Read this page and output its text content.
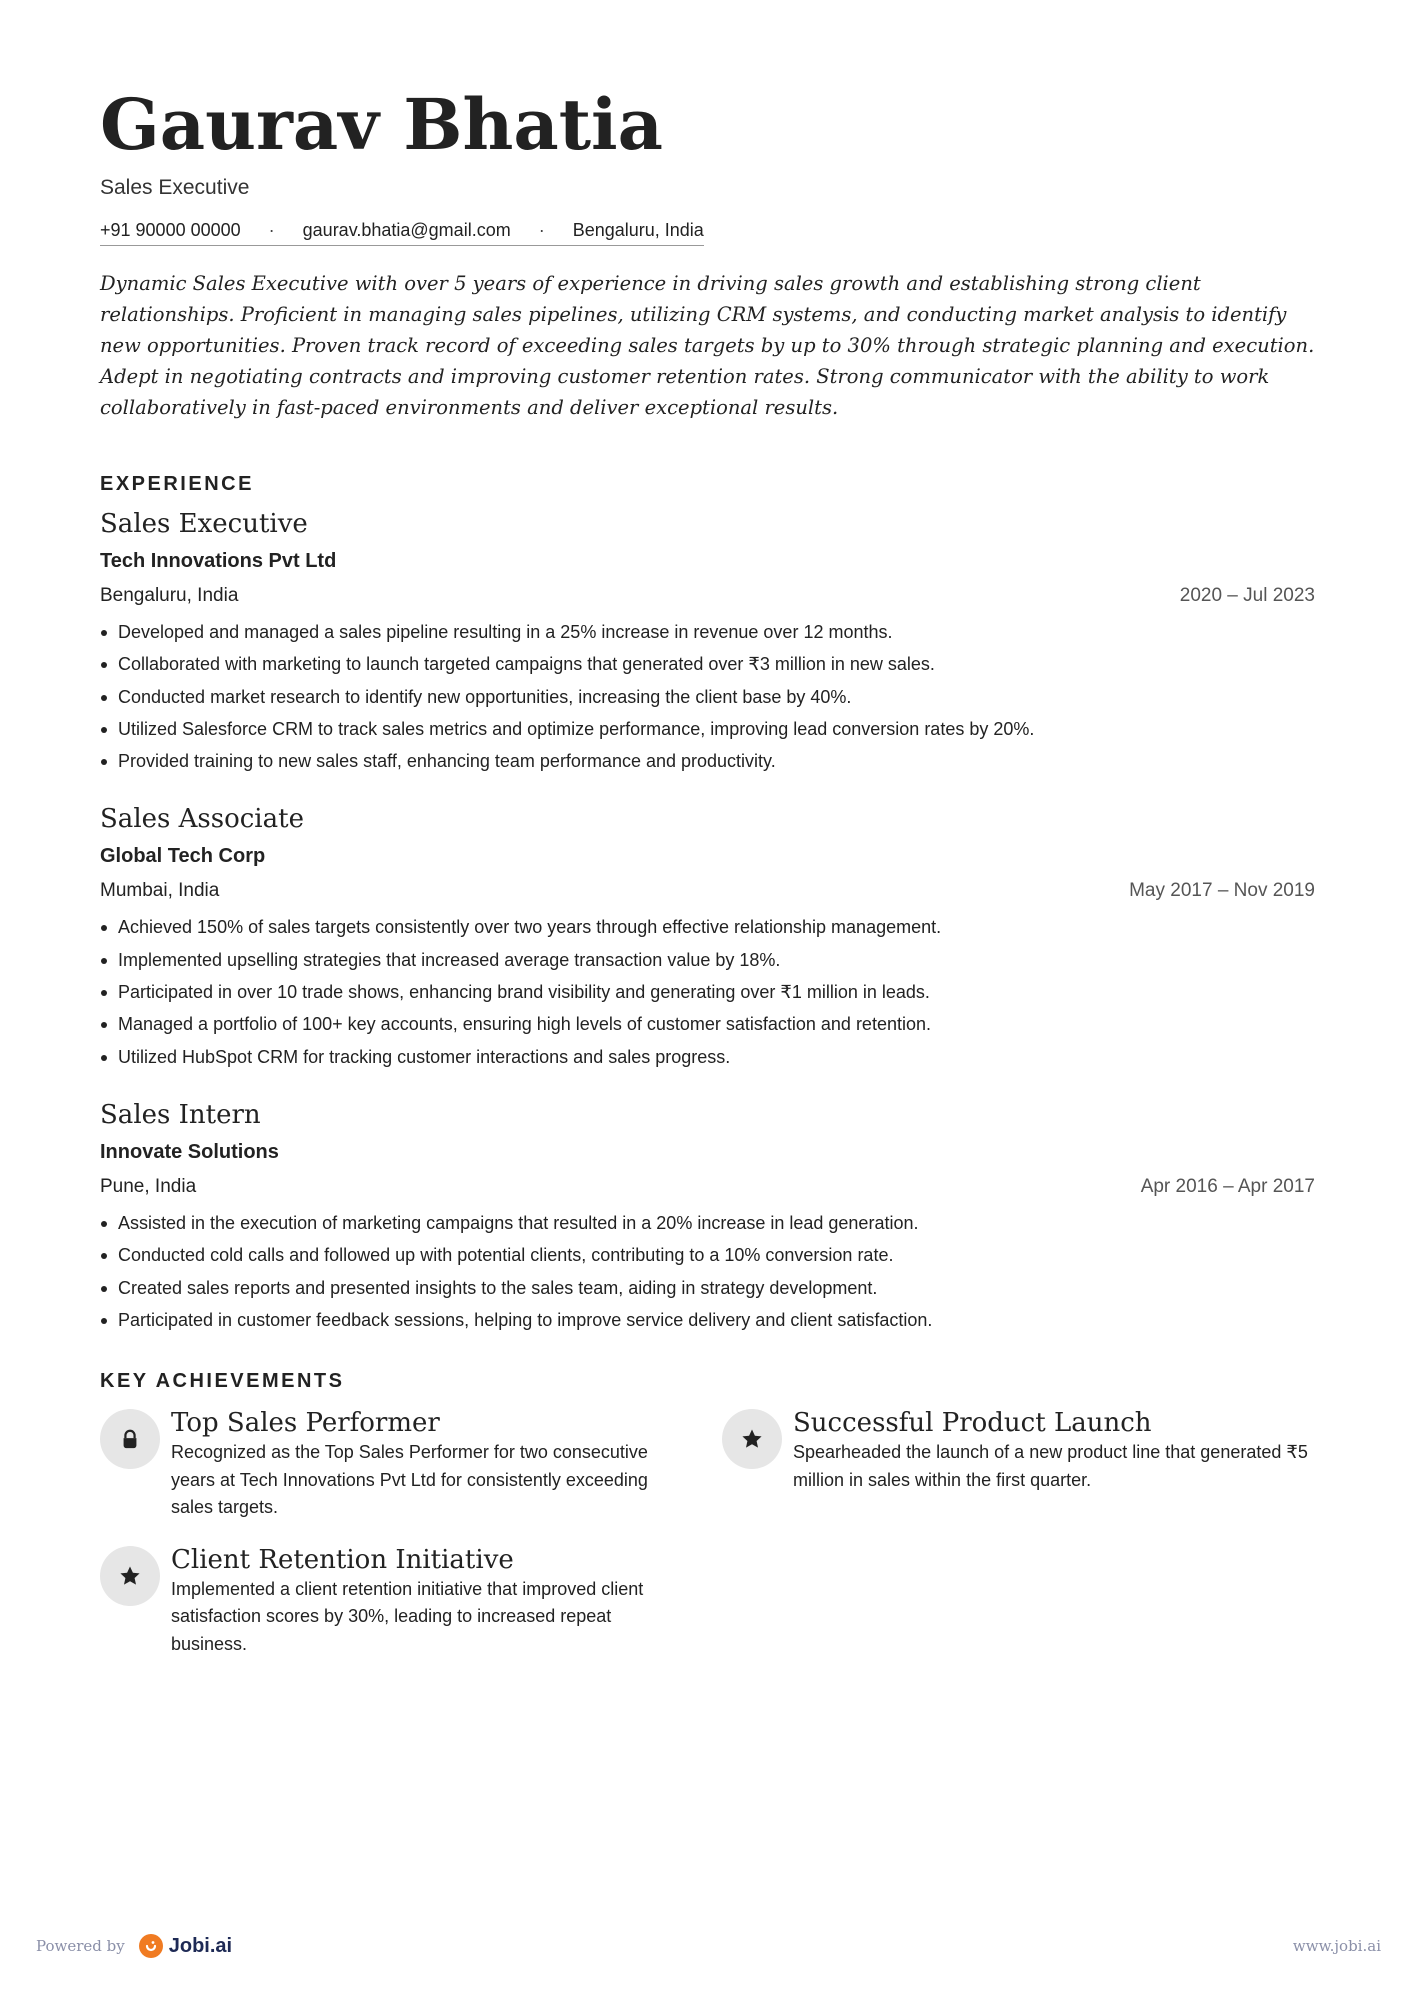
Gaurav Bhatia
Sales Executive
+91 90000 00000 · gaurav.bhatia@gmail.com · Bengaluru, India
Dynamic Sales Executive with over 5 years of experience in driving sales growth and establishing strong client relationships. Proficient in managing sales pipelines, utilizing CRM systems, and conducting market analysis to identify new opportunities. Proven track record of exceeding sales targets by up to 30% through strategic planning and execution. Adept in negotiating contracts and improving customer retention rates. Strong communicator with the ability to work collaboratively in fast-paced environments and deliver exceptional results.
EXPERIENCE
Sales Executive
Tech Innovations Pvt Ltd
Bengaluru, India	2020 – Jul 2023
Developed and managed a sales pipeline resulting in a 25% increase in revenue over 12 months.
Collaborated with marketing to launch targeted campaigns that generated over ₹3 million in new sales.
Conducted market research to identify new opportunities, increasing the client base by 40%.
Utilized Salesforce CRM to track sales metrics and optimize performance, improving lead conversion rates by 20%.
Provided training to new sales staff, enhancing team performance and productivity.
Sales Associate
Global Tech Corp
Mumbai, India	May 2017 – Nov 2019
Achieved 150% of sales targets consistently over two years through effective relationship management.
Implemented upselling strategies that increased average transaction value by 18%.
Participated in over 10 trade shows, enhancing brand visibility and generating over ₹1 million in leads.
Managed a portfolio of 100+ key accounts, ensuring high levels of customer satisfaction and retention.
Utilized HubSpot CRM for tracking customer interactions and sales progress.
Sales Intern
Innovate Solutions
Pune, India	Apr 2016 – Apr 2017
Assisted in the execution of marketing campaigns that resulted in a 20% increase in lead generation.
Conducted cold calls and followed up with potential clients, contributing to a 10% conversion rate.
Created sales reports and presented insights to the sales team, aiding in strategy development.
Participated in customer feedback sessions, helping to improve service delivery and client satisfaction.
KEY ACHIEVEMENTS
Top Sales Performer
Recognized as the Top Sales Performer for two consecutive years at Tech Innovations Pvt Ltd for consistently exceeding sales targets.
Successful Product Launch
Spearheaded the launch of a new product line that generated ₹5 million in sales within the first quarter.
Client Retention Initiative
Implemented a client retention initiative that improved client satisfaction scores by 30%, leading to increased repeat business.
Powered by Jobi.ai	www.jobi.ai
